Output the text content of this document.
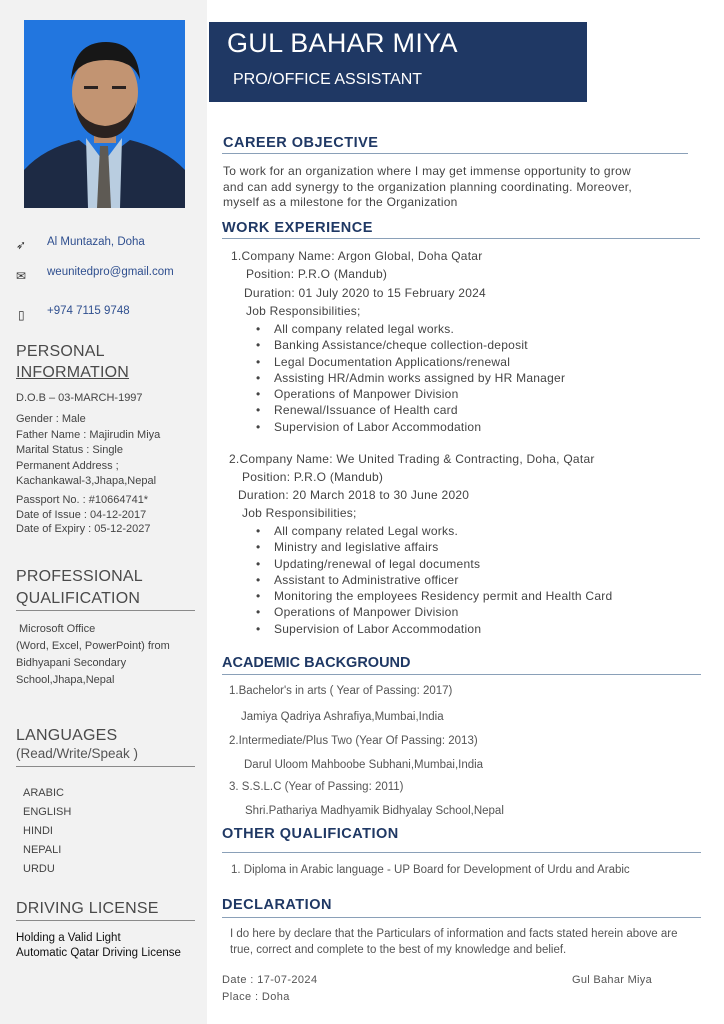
➶ Al Muntazah, Doha
✉ weunitedpro@gmail.com
▯ +974 7115 9748
PERSONAL
INFORMATION
D.O.B – 03-MARCH-1997
Gender : Male
Father Name : Majirudin Miya
Marital Status : Single
Permanent Address ;
Kachankawal-3,Jhapa,Nepal
Passport No. : #10664741*
Date of Issue : 04-12-2017
Date of Expiry : 05-12-2027
PROFESSIONAL
QUALIFICATION
Microsoft Office
(Word, Excel, PowerPoint) from
Bidhyapani Secondary
School,Jhapa,Nepal
LANGUAGES
(Read/Write/Speak )
ARABIC
ENGLISH
HINDI
NEPALI
URDU
DRIVING LICENSE
Holding a Valid Light
Automatic Qatar Driving License
GUL BAHAR MIYA
PRO/OFFICE ASSISTANT
CAREER OBJECTIVE
To work for an organization where I may get immense opportunity to grow
and can add synergy to the organization planning coordinating. Moreover,
myself as a milestone for the Organization
WORK EXPERIENCE
1.Company Name: Argon Global, Doha Qatar
Position: P.R.O (Mandub)
Duration: 01 July 2020 to 15 February 2024
Job Responsibilities;
• All company related legal works.
• Banking Assistance/cheque collection-deposit
• Legal Documentation Applications/renewal
• Assisting HR/Admin works assigned by HR Manager
• Operations of Manpower Division
• Renewal/Issuance of Health card
• Supervision of Labor Accommodation
2.Company Name: We United Trading & Contracting, Doha, Qatar
Position: P.R.O (Mandub)
Duration: 20 March 2018 to 30 June 2020
Job Responsibilities;
• All company related Legal works.
• Ministry and legislative affairs
• Updating/renewal of legal documents
• Assistant to Administrative officer
• Monitoring the employees Residency permit and Health Card
• Operations of Manpower Division
• Supervision of Labor Accommodation
ACADEMIC BACKGROUND
1.Bachelor's in arts ( Year of Passing: 2017)
Jamiya Qadriya Ashrafiya,Mumbai,India
2.Intermediate/Plus Two (Year Of Passing: 2013)
Darul Uloom Mahboobe Subhani,Mumbai,India
3. S.S.L.C (Year of Passing: 2011)
Shri.Pathariya Madhyamik Bidhyalay School,Nepal
OTHER QUALIFICATION
1. Diploma in Arabic language - UP Board for Development of Urdu and Arabic
DECLARATION
I do here by declare that the Particulars of information and facts stated herein above are
true, correct and complete to the best of my knowledge and belief.
Date : 17-07-2024
Place : Doha
Gul Bahar Miya
